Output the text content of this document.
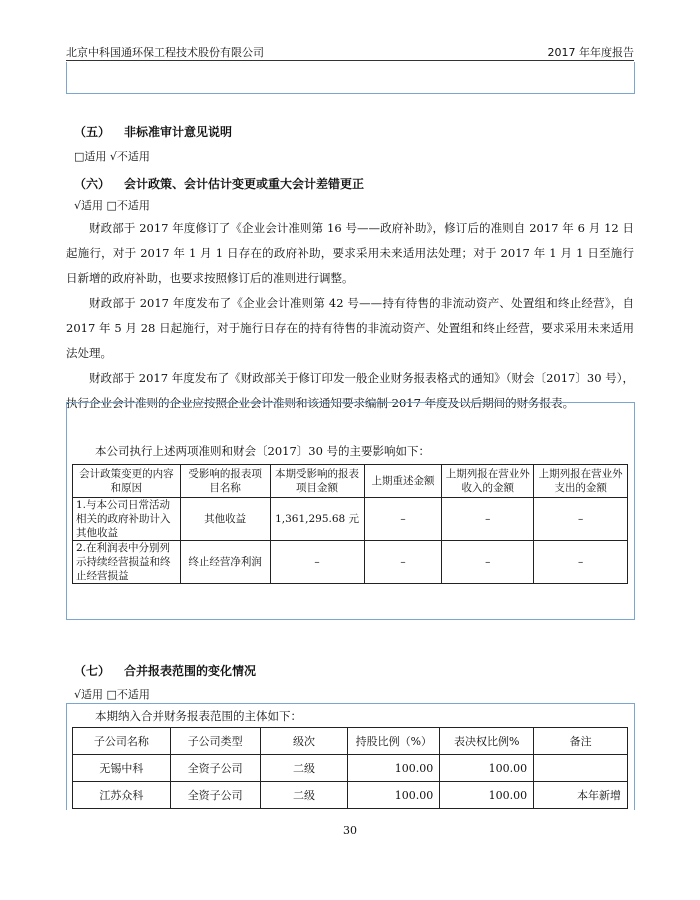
北京中科国通环保工程技术股份有限公司	2017 年年度报告
（五） 非标准审计意见说明
□适用 √不适用
（六） 会计政策、会计估计变更或重大会计差错更正
√适用 □不适用
财政部于 2017 年度修订了《企业会计准则第 16 号——政府补助》，修订后的准则自 2017 年 6 月 12 日起施行，对于 2017 年 1 月 1 日存在的政府补助，要求采用未来适用法处理；对于 2017 年 1 月 1 日至施行日新增的政府补助，也要求按照修订后的准则进行调整。
财政部于 2017 年度发布了《企业会计准则第 42 号——持有待售的非流动资产、处置组和终止经营》，自 2017 年 5 月 28 日起施行，对于施行日存在的持有待售的非流动资产、处置组和终止经营，要求采用未来适用法处理。
财政部于 2017 年度发布了《财政部关于修订印发一般企业财务报表格式的通知》（财会〔2017〕30 号），执行企业会计准则的企业应按照企业会计准则和该通知要求编制 2017 年度及以后期间的财务报表。
本公司执行上述两项准则和财会〔2017〕30 号的主要影响如下：
会计政策变更的内容和原因	受影响的报表项目名称	本期受影响的报表项目金额	上期重述金额	上期列报在营业外收入的金额	上期列报在营业外支出的金额
1.与本公司日常活动相关的政府补助计入其他收益	其他收益	1,361,295.68 元	–	–	–
2.在利润表中分别列示持续经营损益和终止经营损益	终止经营净利润	–	–	–	–
（七） 合并报表范围的变化情况
√适用 □不适用
本期纳入合并财务报表范围的主体如下：
子公司名称	子公司类型	级次	持股比例（%）	表决权比例%	备注
无锡中科	全资子公司	二级	100.00	100.00	
江苏众科	全资子公司	二级	100.00	100.00	本年新增
30
